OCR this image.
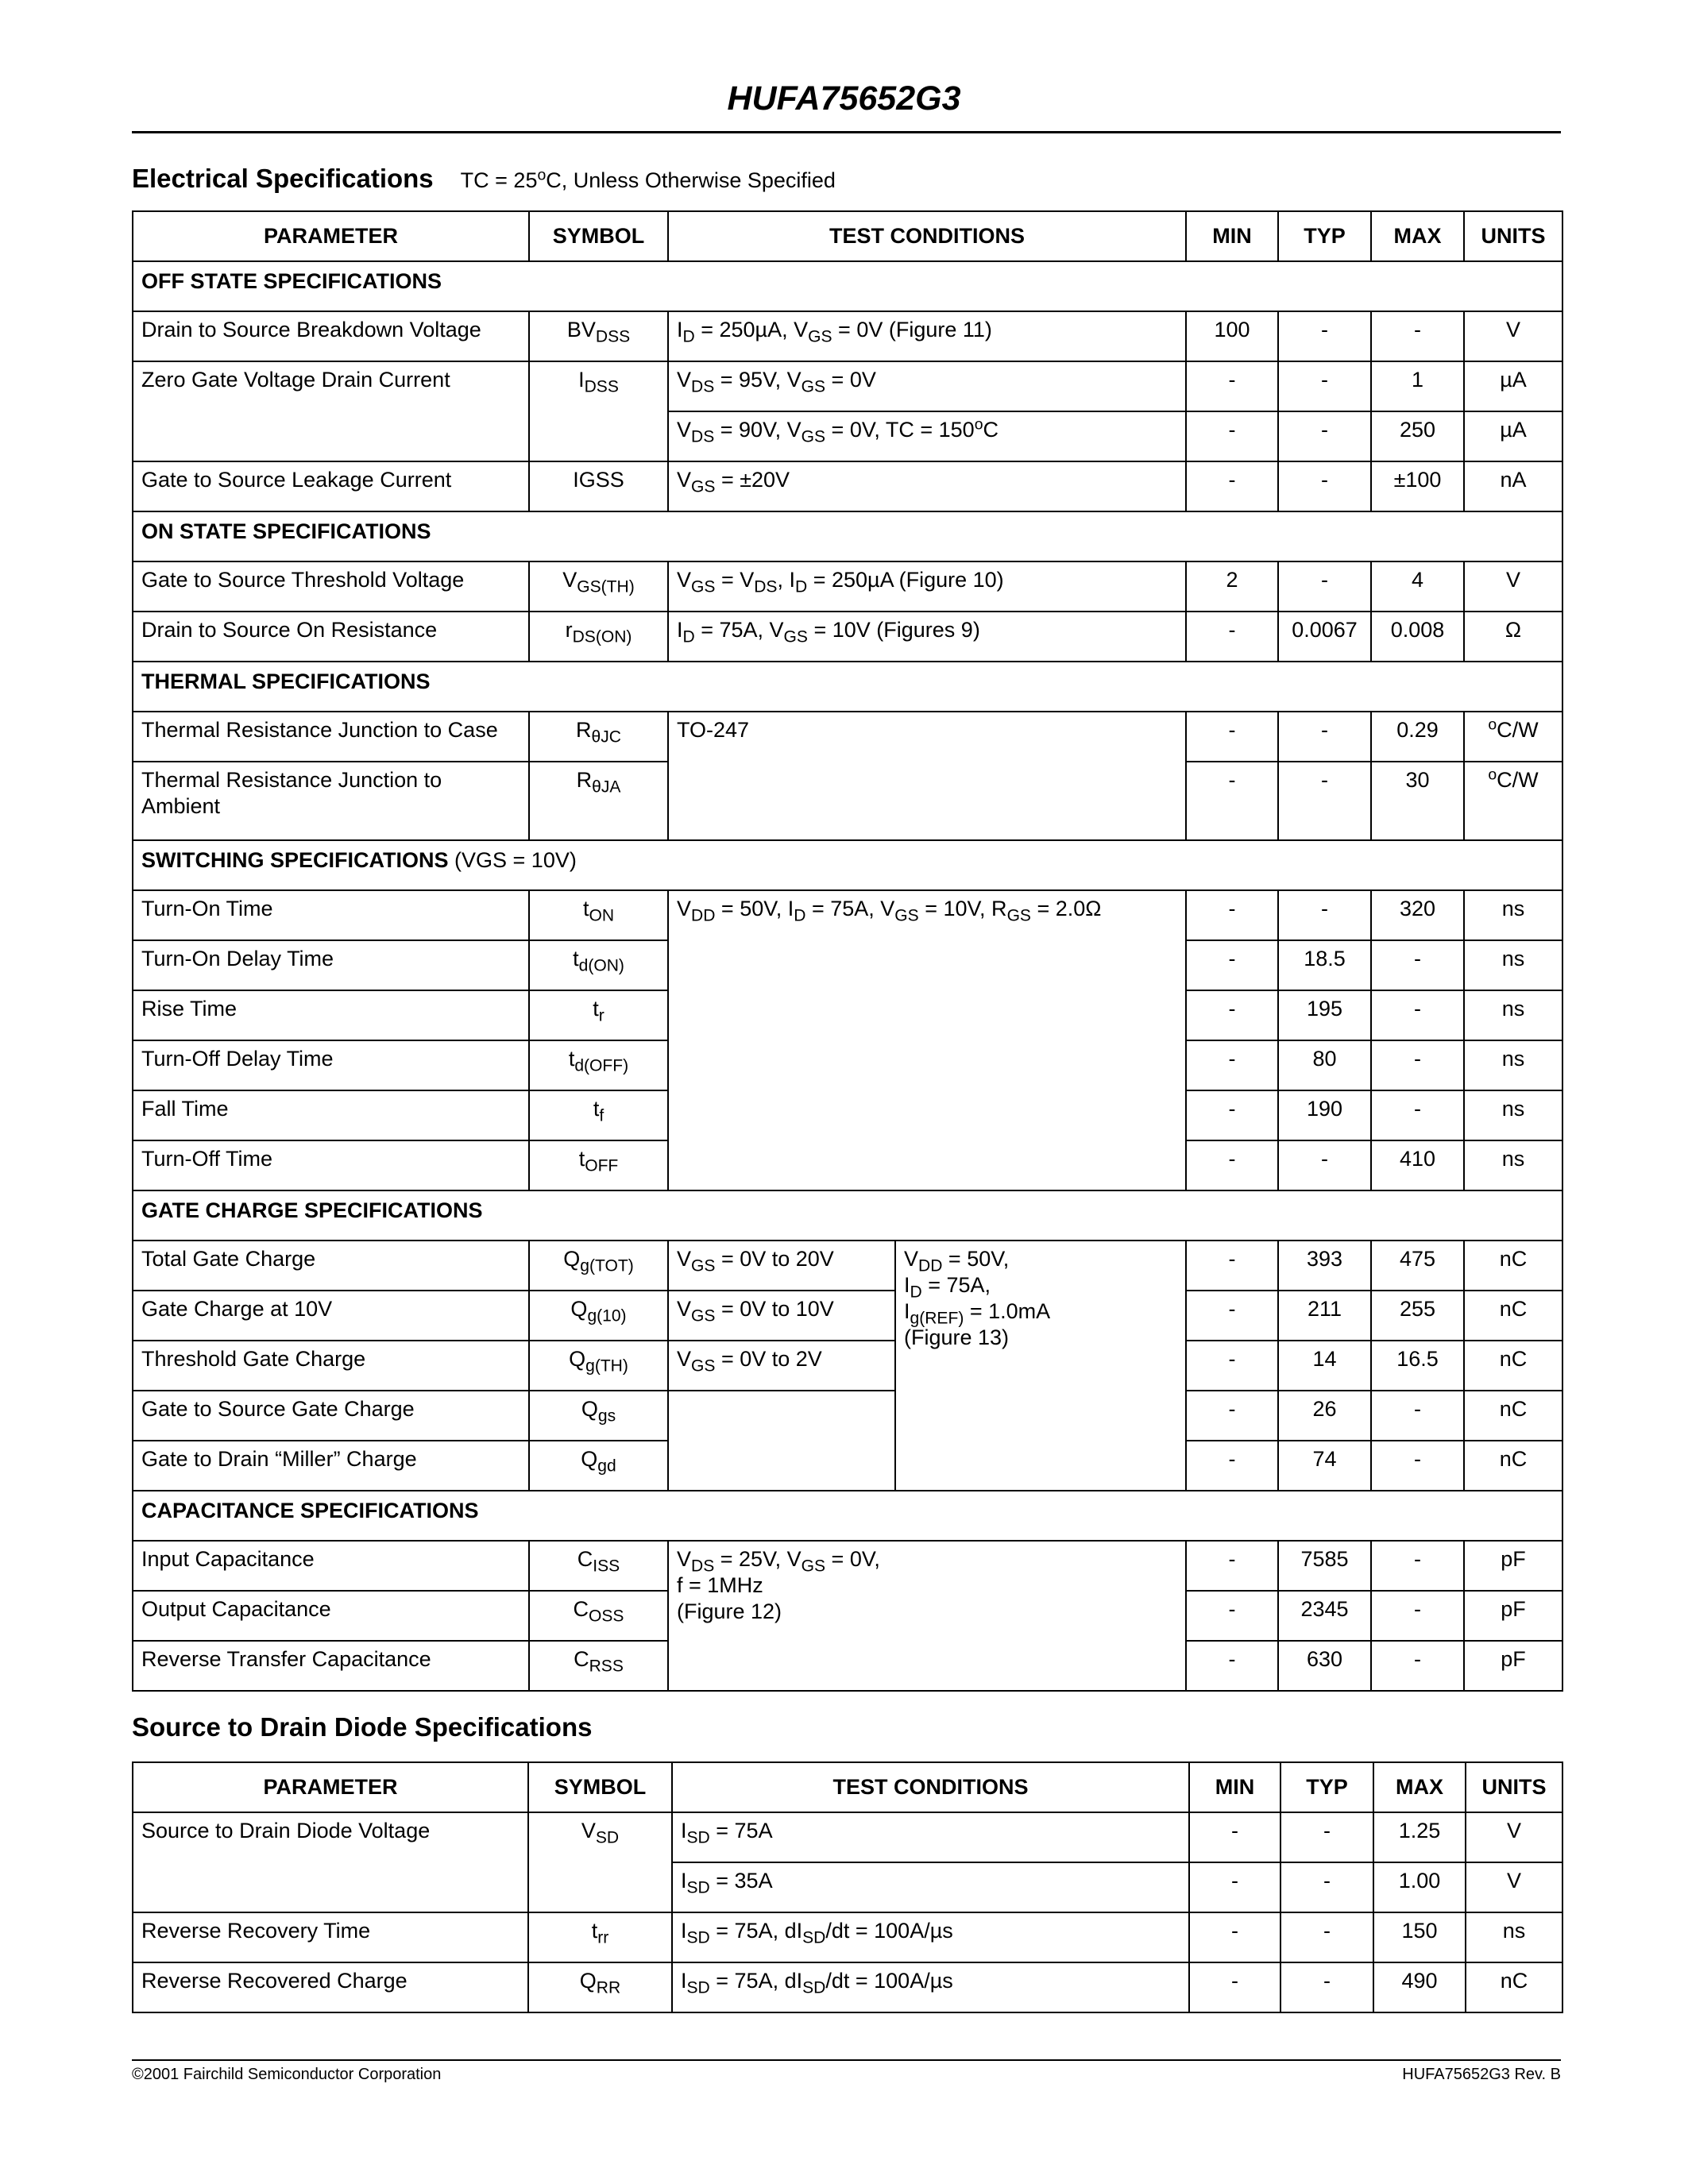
HUFA75652G3
Electrical Specifications TC = $25^oC$, Unless Otherwise Specified
PARAMETER	SYMBOL	TEST CONDITIONS		MIN	TYP	MAX	UNITS
OFF STATE SPECIFICATIONS							
Drain to Source Breakdown Voltage	$BV_{DSS}$	$I_D = 250\mu A$, $V_{GS} = 0V$ (Figure 11)		100	-	-	V
Zero Gate Voltage Drain Current	$I_{DSS}$	$V_{DS} = 95V$, $V_{GS} = 0V$		-	-	1	µA
		$V_{DS} = 90V$, $V_{GS} = 0V$, TC = $150^oC$		-	-	250	µA
Gate to Source Leakage Current	IGSS	$V_{GS} = \pm 20V$		-	-	±100	nA
ON STATE SPECIFICATIONS							
Gate to Source Threshold Voltage	$V_{GS(TH)}$	$V_{GS} = V_{DS}$, $I_D = 250\mu A$ (Figure 10)		2	-	4	V
Drain to Source On Resistance	$r_{DS(ON)}$	$I_D = 75A$, $V_{GS} = 10V$ (Figures 9)		-	0.0067	0.008	Ω
THERMAL SPECIFICATIONS							
Thermal Resistance Junction to Case	$R_{\theta JC}$	TO-247		-	-	0.29	$^o$C/W
Thermal Resistance Junction to Ambient	$R_{\theta JA}$			-	-	30	$^o$C/W
SWITCHING SPECIFICATIONS (VGS = 10V)							
Turn-On Time	$t_{ON}$	$V_{DD} = 50V$, $I_D = 75A$, $V_{GS} = 10V$, $R_{GS} = 2.0\Omega$		-	-	320	ns
Turn-On Delay Time	$t_{d(ON)}$			-	18.5	-	ns
Rise Time	$t_r$			-	195	-	ns
Turn-Off Delay Time	$t_{d(OFF)}$			-	80	-	ns
Fall Time	$t_f$			-	190	-	ns
Turn-Off Time	$t_{OFF}$			-	-	410	ns
GATE CHARGE SPECIFICATIONS							
Total Gate Charge	$Q_{g(TOT)}$	$V_{GS} = 0V$ to 20V	$V_{DD} = 50V$,
$I_D = 75A$,
$I_{g(REF)} = 1.0mA$
(Figure 13)	-	393	475	nC
Gate Charge at 10V	$Q_{g(10)}$	$V_{GS} = 0V$ to 10V		-	211	255	nC
Threshold Gate Charge	$Q_{g(TH)}$	$V_{GS} = 0V$ to 2V		-	14	16.5	nC
Gate to Source Gate Charge	$Q_{gs}$			-	26	-	nC
Gate to Drain “Miller” Charge	$Q_{gd}$			-	74	-	nC
CAPACITANCE SPECIFICATIONS							
Input Capacitance	$C_{ISS}$	$V_{DS} = 25V$, $V_{GS} = 0V$,
f = 1MHz
(Figure 12)		-	7585	-	pF
Output Capacitance	$C_{OSS}$			-	2345	-	pF
Reverse Transfer Capacitance	$C_{RSS}$			-	630	-	pF
Source to Drain Diode Specifications
PARAMETER	SYMBOL	TEST CONDITIONS	MIN	TYP	MAX	UNITS
Source to Drain Diode Voltage	$V_{SD}$	$I_{SD} = 75A$	-	-	1.25	V
		$I_{SD} = 35A$	-	-	1.00	V
Reverse Recovery Time	$t_{rr}$	$I_{SD} = 75A$, $dI_{SD}/dt = 100A/\mu s$	-	-	150	ns
Reverse Recovered Charge	$Q_{RR}$	$I_{SD} = 75A$, $dI_{SD}/dt = 100A/\mu s$	-	-	490	nC
©2001 Fairchild Semiconductor Corporation	HUFA75652G3 Rev. B
